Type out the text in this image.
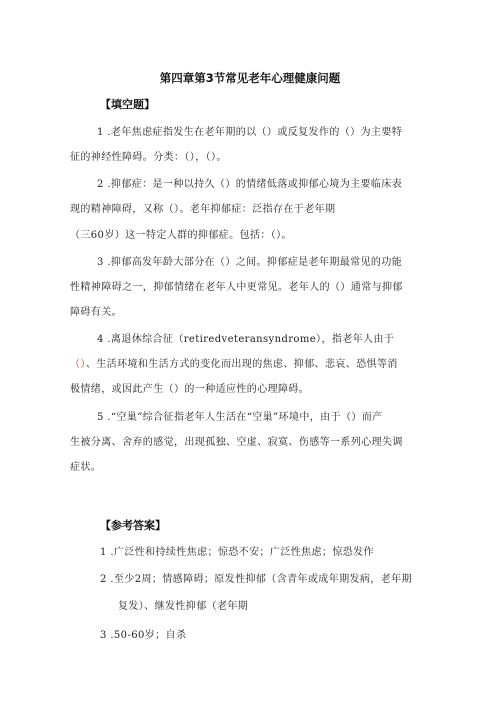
第四章第3节常见老年心理健康问题
【填空题】
1 .老年焦虑症指发生在老年期的以（）或反复发作的（）为主要特
征的神经性障碍。分类：（），（）。
2 .抑郁症：是一种以持久（）的情绪低落或抑郁心境为主要临床表
现的精神障碍，又称（）。老年抑郁症：泛指存在于老年期
（三60岁）这一特定人群的抑郁症。包括：（）。
3 .抑郁高发年龄大部分在（）之间。抑郁症是老年期最常见的功能
性精神障碍之一，抑郁情绪在老年人中更常见。老年人的（）通常与抑郁
障碍有关。
4 .离退休综合征（retiredveteransyndrome），指老年人由于
（）、生活环境和生活方式的变化而出现的焦虑、抑郁、悲哀、恐惧等消
极情绪，或因此产生（）的一种适应性的心理障碍。
5 .“空巢”综合征指老年人生活在“空巢”环境中，由于（）而产
生被分离、舍弃的感觉，出现孤独、空虚、寂寞、伤感等一系列心理失调
症状。
【参考答案】
1 .广泛性和持续性焦虑；惊恐不安；广泛性焦虑；惊恐发作
2 .至少2周；情感障碍；原发性抑郁（含青年或成年期发病，老年期
复发）、继发性抑郁（老年期
3 .50-60岁；自杀
